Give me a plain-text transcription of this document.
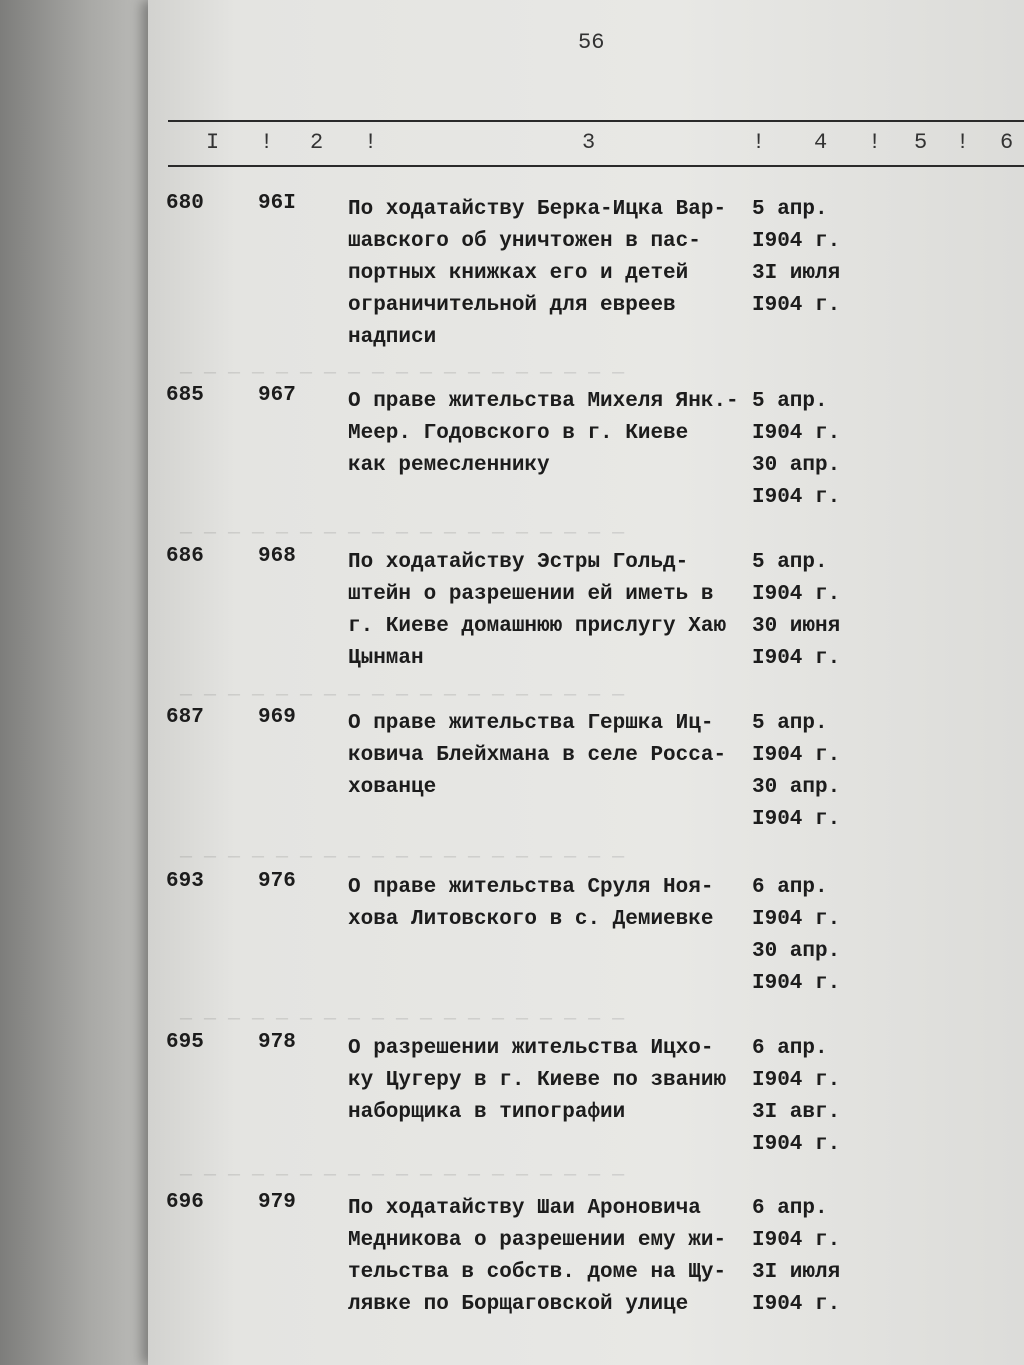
— — — — — — — — — — — — — — — — — — —
— — — — — — — — — — — — — — — — — — —
— — — — — — — — — — — — — — — — — — —
— — — — — — — — — — — — — — — — — — —
— — — — — — — — — — — — — — — — — — —
— — — — — — — — — — — — — — — — — — —
56
I ! 2 !	3	! 4 ! 5 ! 6
680	96I По ходатайству Берка-Ицка Вар-
шавского об уничтожен в пас-
портных книжках его и детей
ограничительной для евреев
надписи
5 апр.
I904 г.
3I июля
I904 г.
685	967 О праве жительства Михеля Янк.-
Меер. Годовского в г. Киеве
как ремесленнику
5 апр.
I904 г.
30 апр.
I904 г.
686	968 По ходатайству Эстры Гольд-
штейн о разрешении ей иметь в
г. Киеве домашнюю прислугу Хаю
Цынман
5 апр.
I904 г.
30 июня
I904 г.
687	969 О праве жительства Гершка Иц-
ковича Блейхмана в селе Росса-
хованце
5 апр.
I904 г.
30 апр.
I904 г.
693	976 О праве жительства Сруля Ноя-
хова Литовского в с. Демиевке
6 апр.
I904 г.
30 апр.
I904 г.
695	978 О разрешении жительства Ицхо-
ку Цугеру в г. Киеве по званию
наборщика в типографии
6 апр.
I904 г.
3I авг.
I904 г.
696	979 По ходатайству Шаи Ароновича
Медникова о разрешении ему жи-
тельства в собств. доме на Щу-
лявке по Борщаговской улице
6 апр.
I904 г.
3I июля
I904 г.
